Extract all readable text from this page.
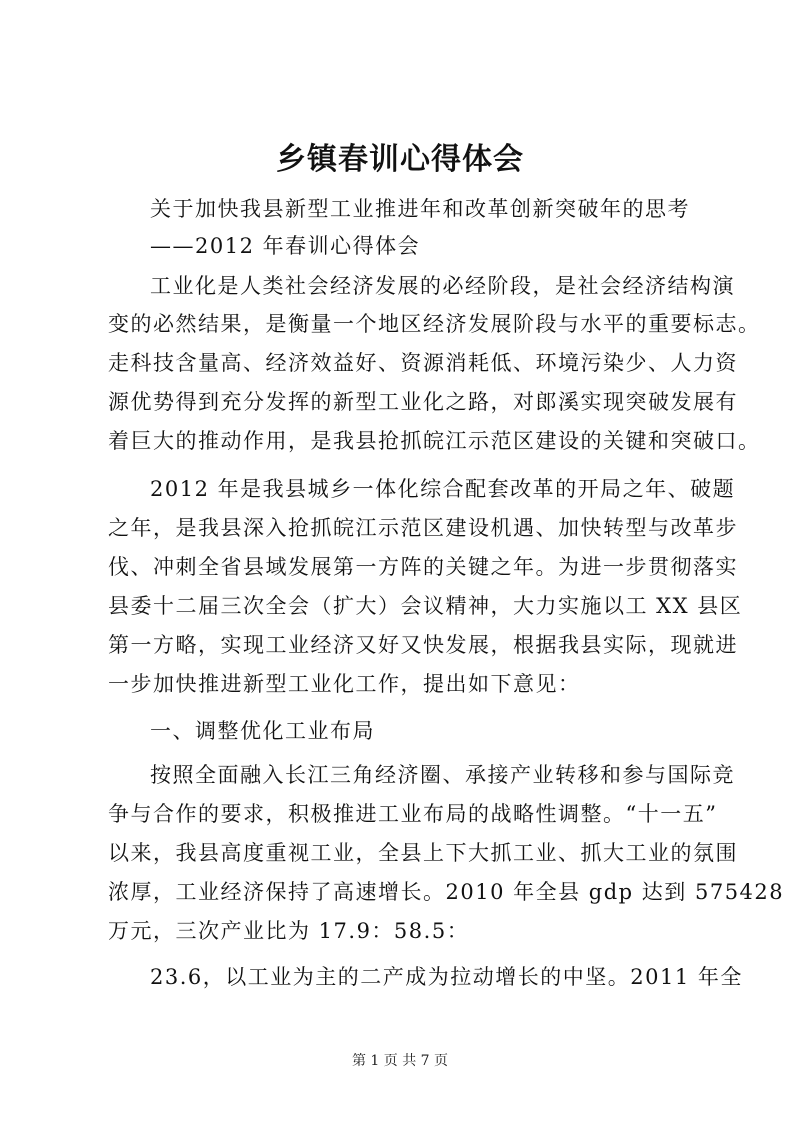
乡镇春训心得体会

关于加快我县新型工业推进年和改革创新突破年的思考

——2012 年春训心得体会

工业化是人类社会经济发展的必经阶段，是社会经济结构演

变的必然结果，是衡量一个地区经济发展阶段与水平的重要标志。

走科技含量高、经济效益好、资源消耗低、环境污染少、人力资

源优势得到充分发挥的新型工业化之路，对郎溪实现突破发展有

着巨大的推动作用，是我县抢抓皖江示范区建设的关键和突破口。

2012 年是我县城乡一体化综合配套改革的开局之年、破题

之年，是我县深入抢抓皖江示范区建设机遇、加快转型与改革步

伐、冲刺全省县域发展第一方阵的关键之年。为进一步贯彻落实

县委十二届三次全会（扩大）会议精神，大力实施以工 XX 县区

第一方略，实现工业经济又好又快发展，根据我县实际，现就进

一步加快推进新型工业化工作，提出如下意见：

一、调整优化工业布局

按照全面融入长江三角经济圈、承接产业转移和参与国际竞

争与合作的要求，积极推进工业布局的战略性调整。“十一五”

以来，我县高度重视工业，全县上下大抓工业、抓大工业的氛围

浓厚，工业经济保持了高速增长。2010 年全县 gdp 达到 575428

万元，三次产业比为 17.9：58.5：

23.6，以工业为主的二产成为拉动增长的中坚。2011 年全

第 1 页 共 7 页
